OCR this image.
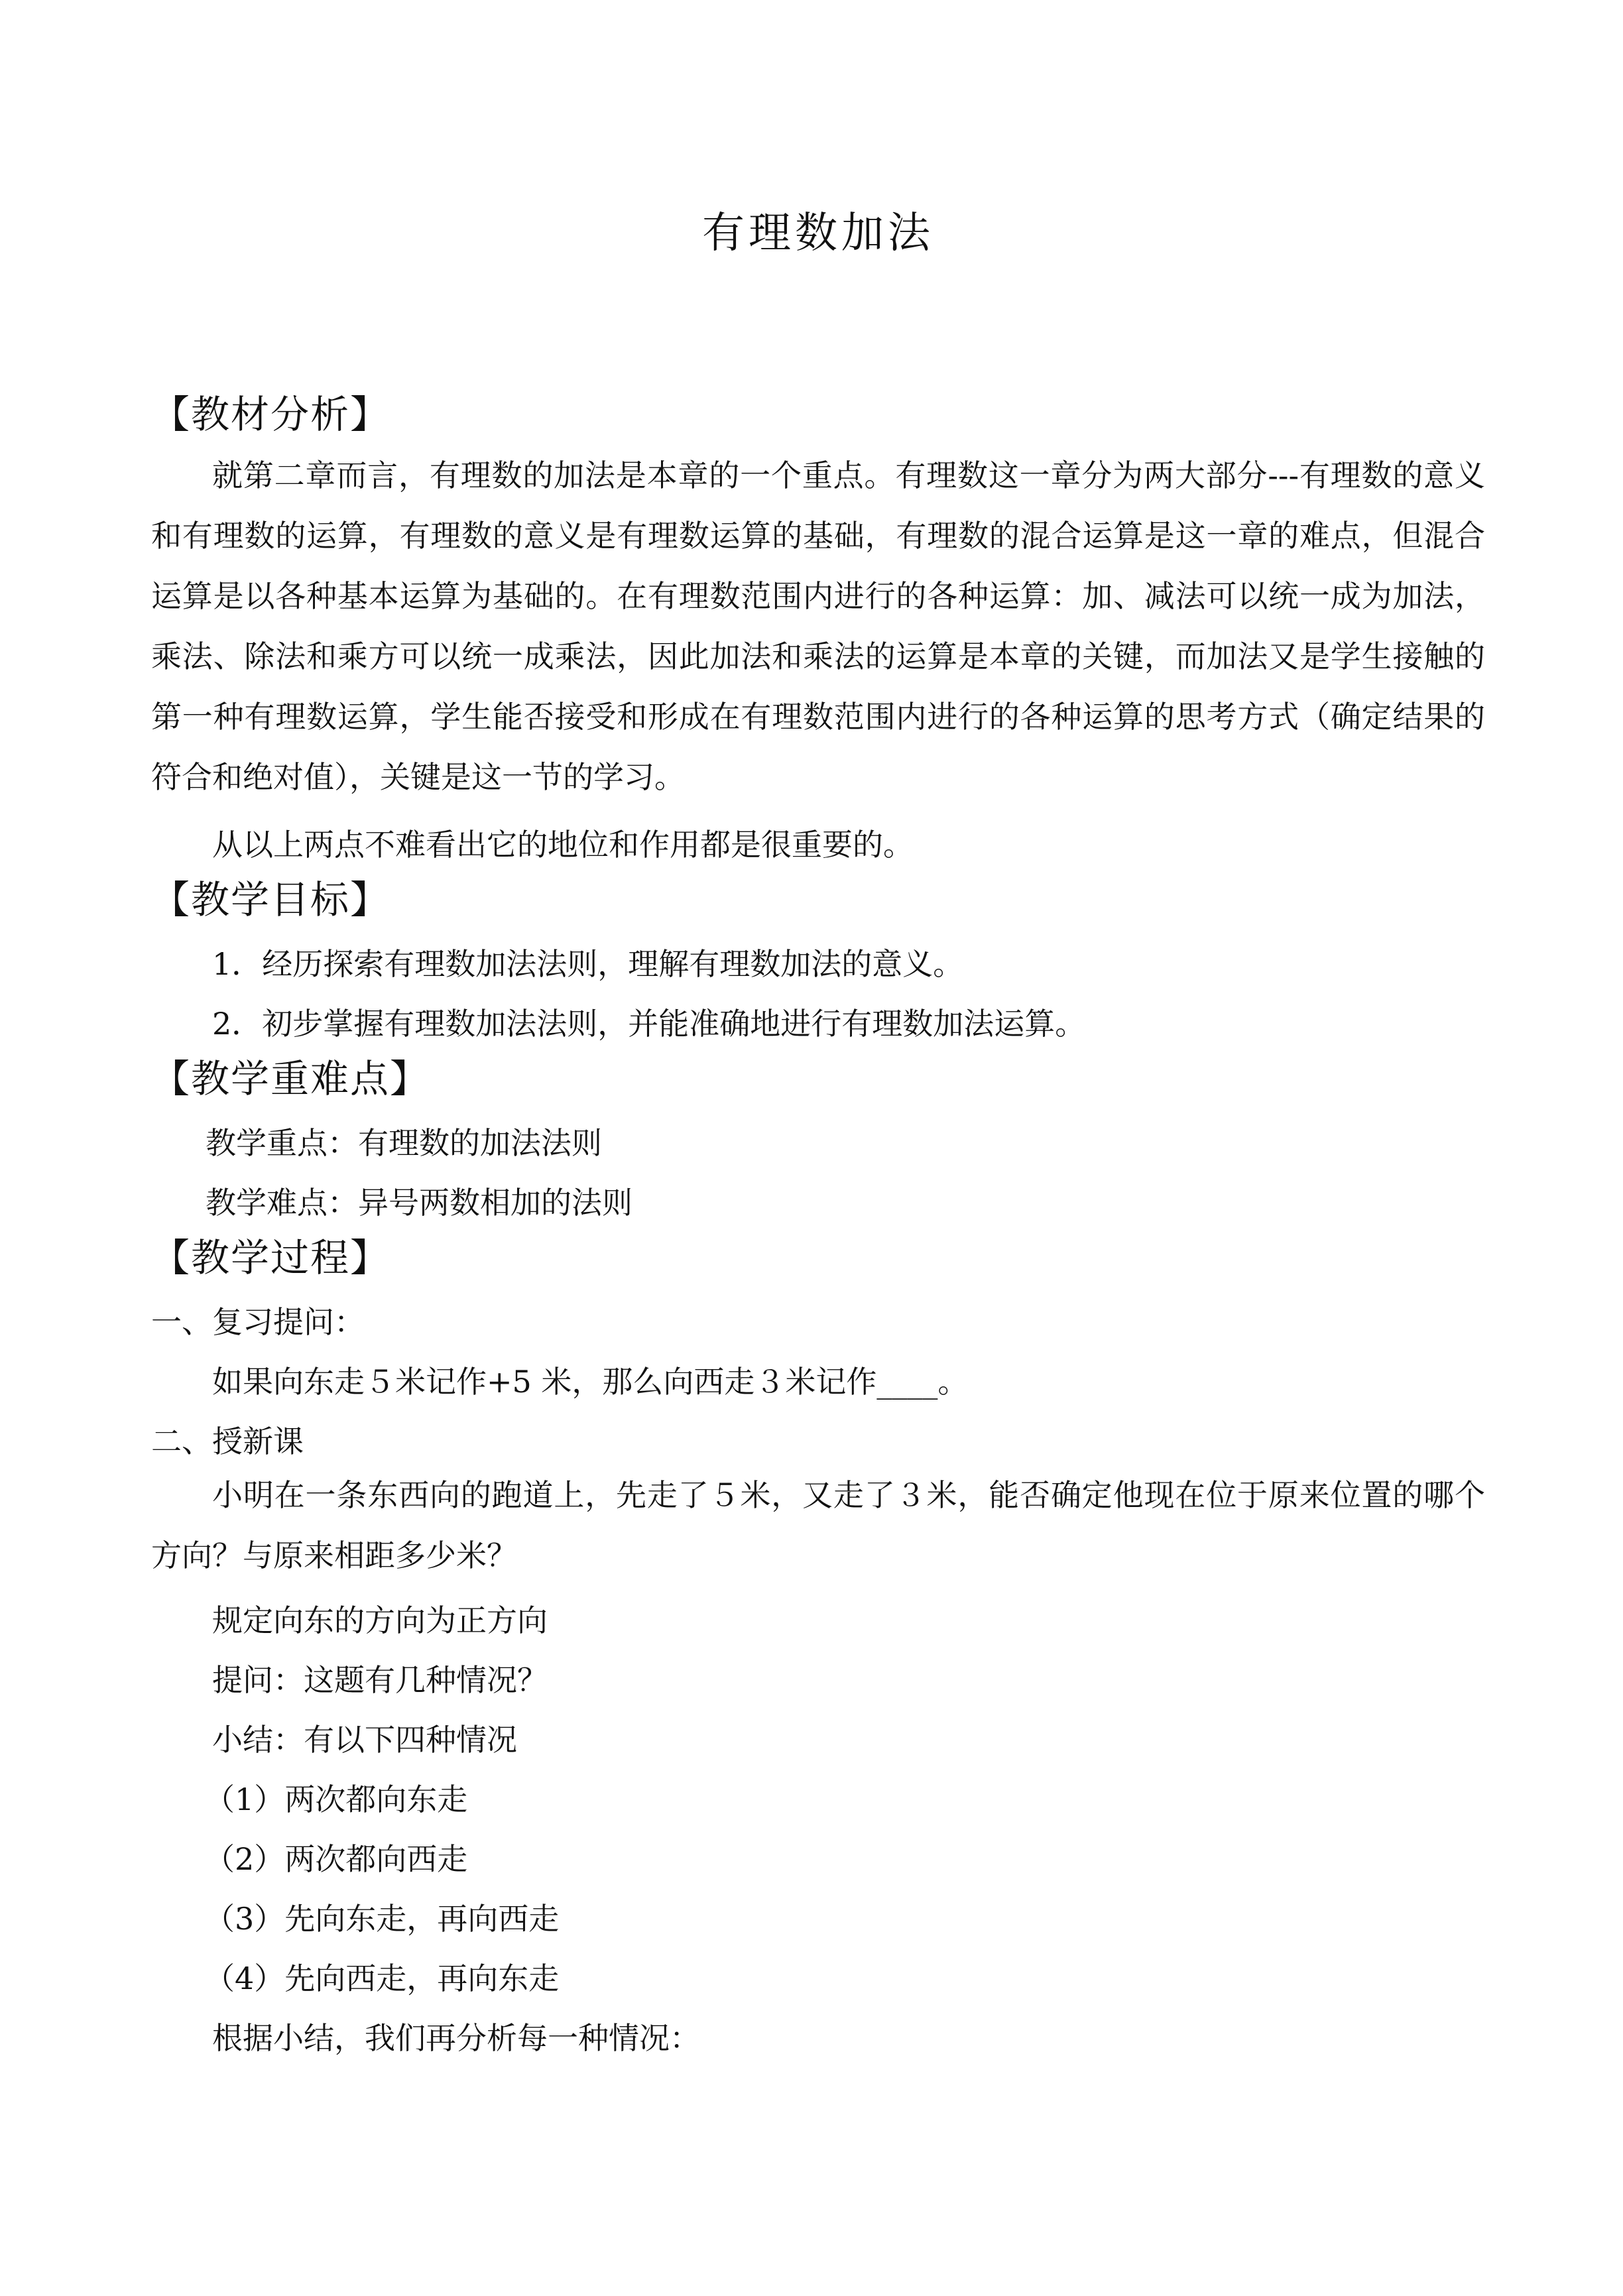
有理数加法
【教材分析】

就第二章而言，有理数的加法是本章的一个重点。有理数这一章分为两大部分---有理数的意义和有理数的运算，有理数的意义是有理数运算的基础，有理数的混合运算是这一章的难点，但混合运算是以各种基本运算为基础的。在有理数范围内进行的各种运算：加、减法可以统一成为加法，乘法、除法和乘方可以统一成乘法，因此加法和乘法的运算是本章的关键，而加法又是学生接触的第一种有理数运算，学生能否接受和形成在有理数范围内进行的各种运算的思考方式（确定结果的符合和绝对值），关键是这一节的学习。

从以上两点不难看出它的地位和作用都是很重要的。
【教学目标】
1．经历探索有理数加法法则，理解有理数加法的意义。
2．初步掌握有理数加法法则，并能准确地进行有理数加法运算。
【教学重难点】
教学重点：有理数的加法法则
教学难点：异号两数相加的法则
【教学过程】
一、复习提问：
如果向东走５米记作+5 米，那么向西走３米记作____。
二、授新课

小明在一条东西向的跑道上，先走了５米，又走了３米，能否确定他现在位于原来位置的哪个方向？与原来相距多少米？

规定向东的方向为正方向
提问：这题有几种情况？
小结：有以下四种情况
（1）两次都向东走
（2）两次都向西走
（3）先向东走，再向西走
（4）先向西走，再向东走
根据小结，我们再分析每一种情况：
